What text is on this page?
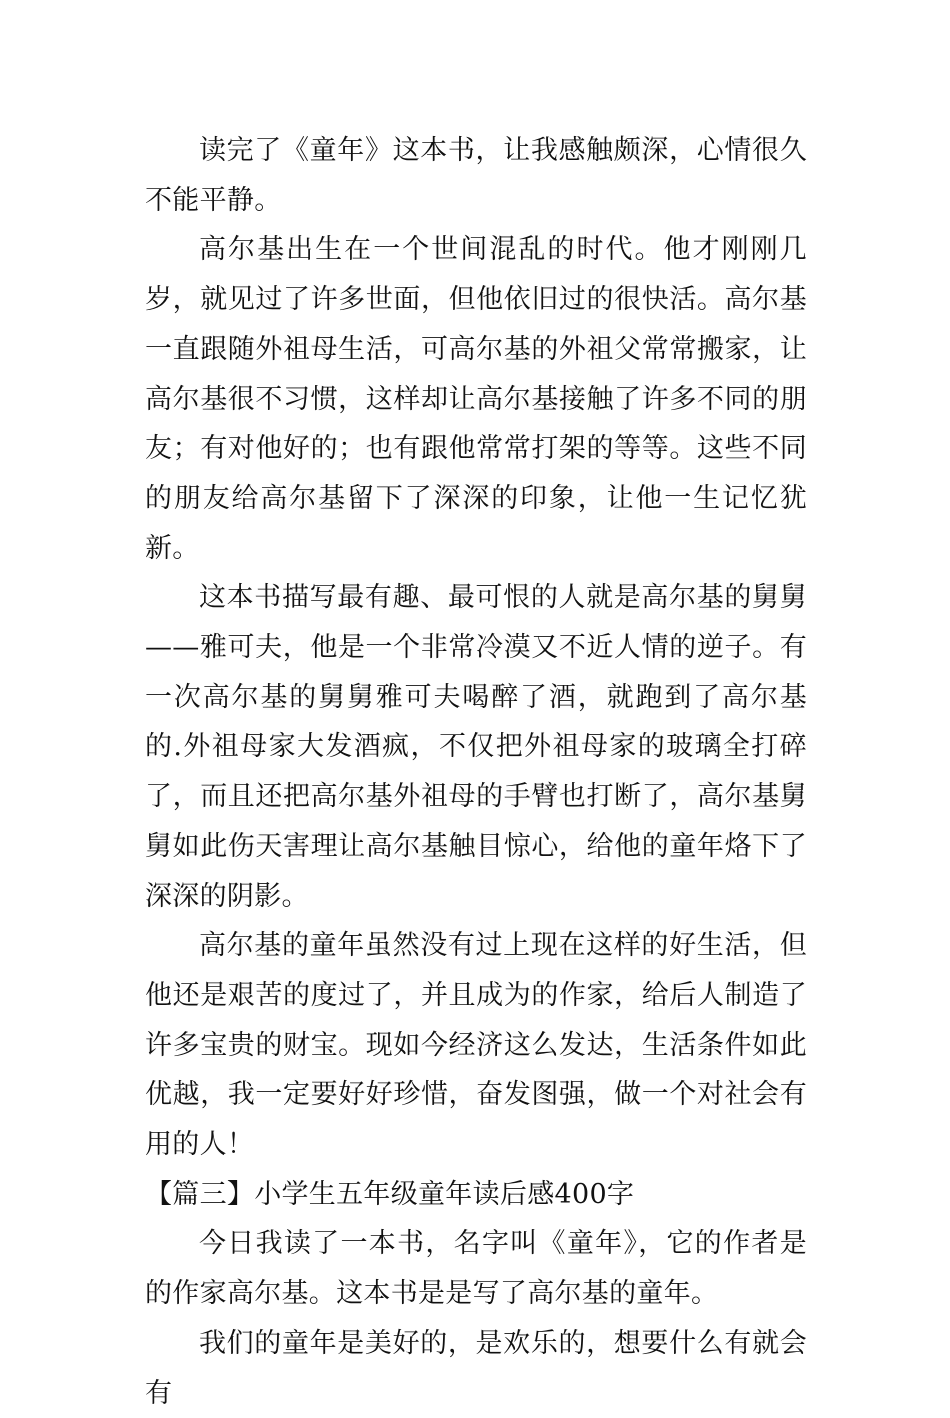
读完了《童年》这本书，让我感触颇深，心情很久不能平静。

高尔基出生在一个世间混乱的时代。他才刚刚几岁，就见过了许多世面，但他依旧过的很快活。高尔基一直跟随外祖母生活，可高尔基的外祖父常常搬家，让高尔基很不习惯，这样却让高尔基接触了许多不同的朋友；有对他好的；也有跟他常常打架的等等。这些不同的朋友给高尔基留下了深深的印象，让他一生记忆犹新。

这本书描写最有趣、最可恨的人就是高尔基的舅舅——雅可夫，他是一个非常冷漠又不近人情的逆子。有一次高尔基的舅舅雅可夫喝醉了酒，就跑到了高尔基的.外祖母家大发酒疯，不仅把外祖母家的玻璃全打碎了，而且还把高尔基外祖母的手臂也打断了，高尔基舅舅如此伤天害理让高尔基触目惊心，给他的童年烙下了深深的阴影。

高尔基的童年虽然没有过上现在这样的好生活，但他还是艰苦的度过了，并且成为的作家，给后人制造了许多宝贵的财宝。现如今经济这么发达，生活条件如此优越，我一定要好好珍惜，奋发图强，做一个对社会有用的人！

【篇三】小学生五年级童年读后感400字

今日我读了一本书，名字叫《童年》，它的作者是的作家高尔基。这本书是是写了高尔基的童年。

我们的童年是美好的，是欢乐的，想要什么有就会有
